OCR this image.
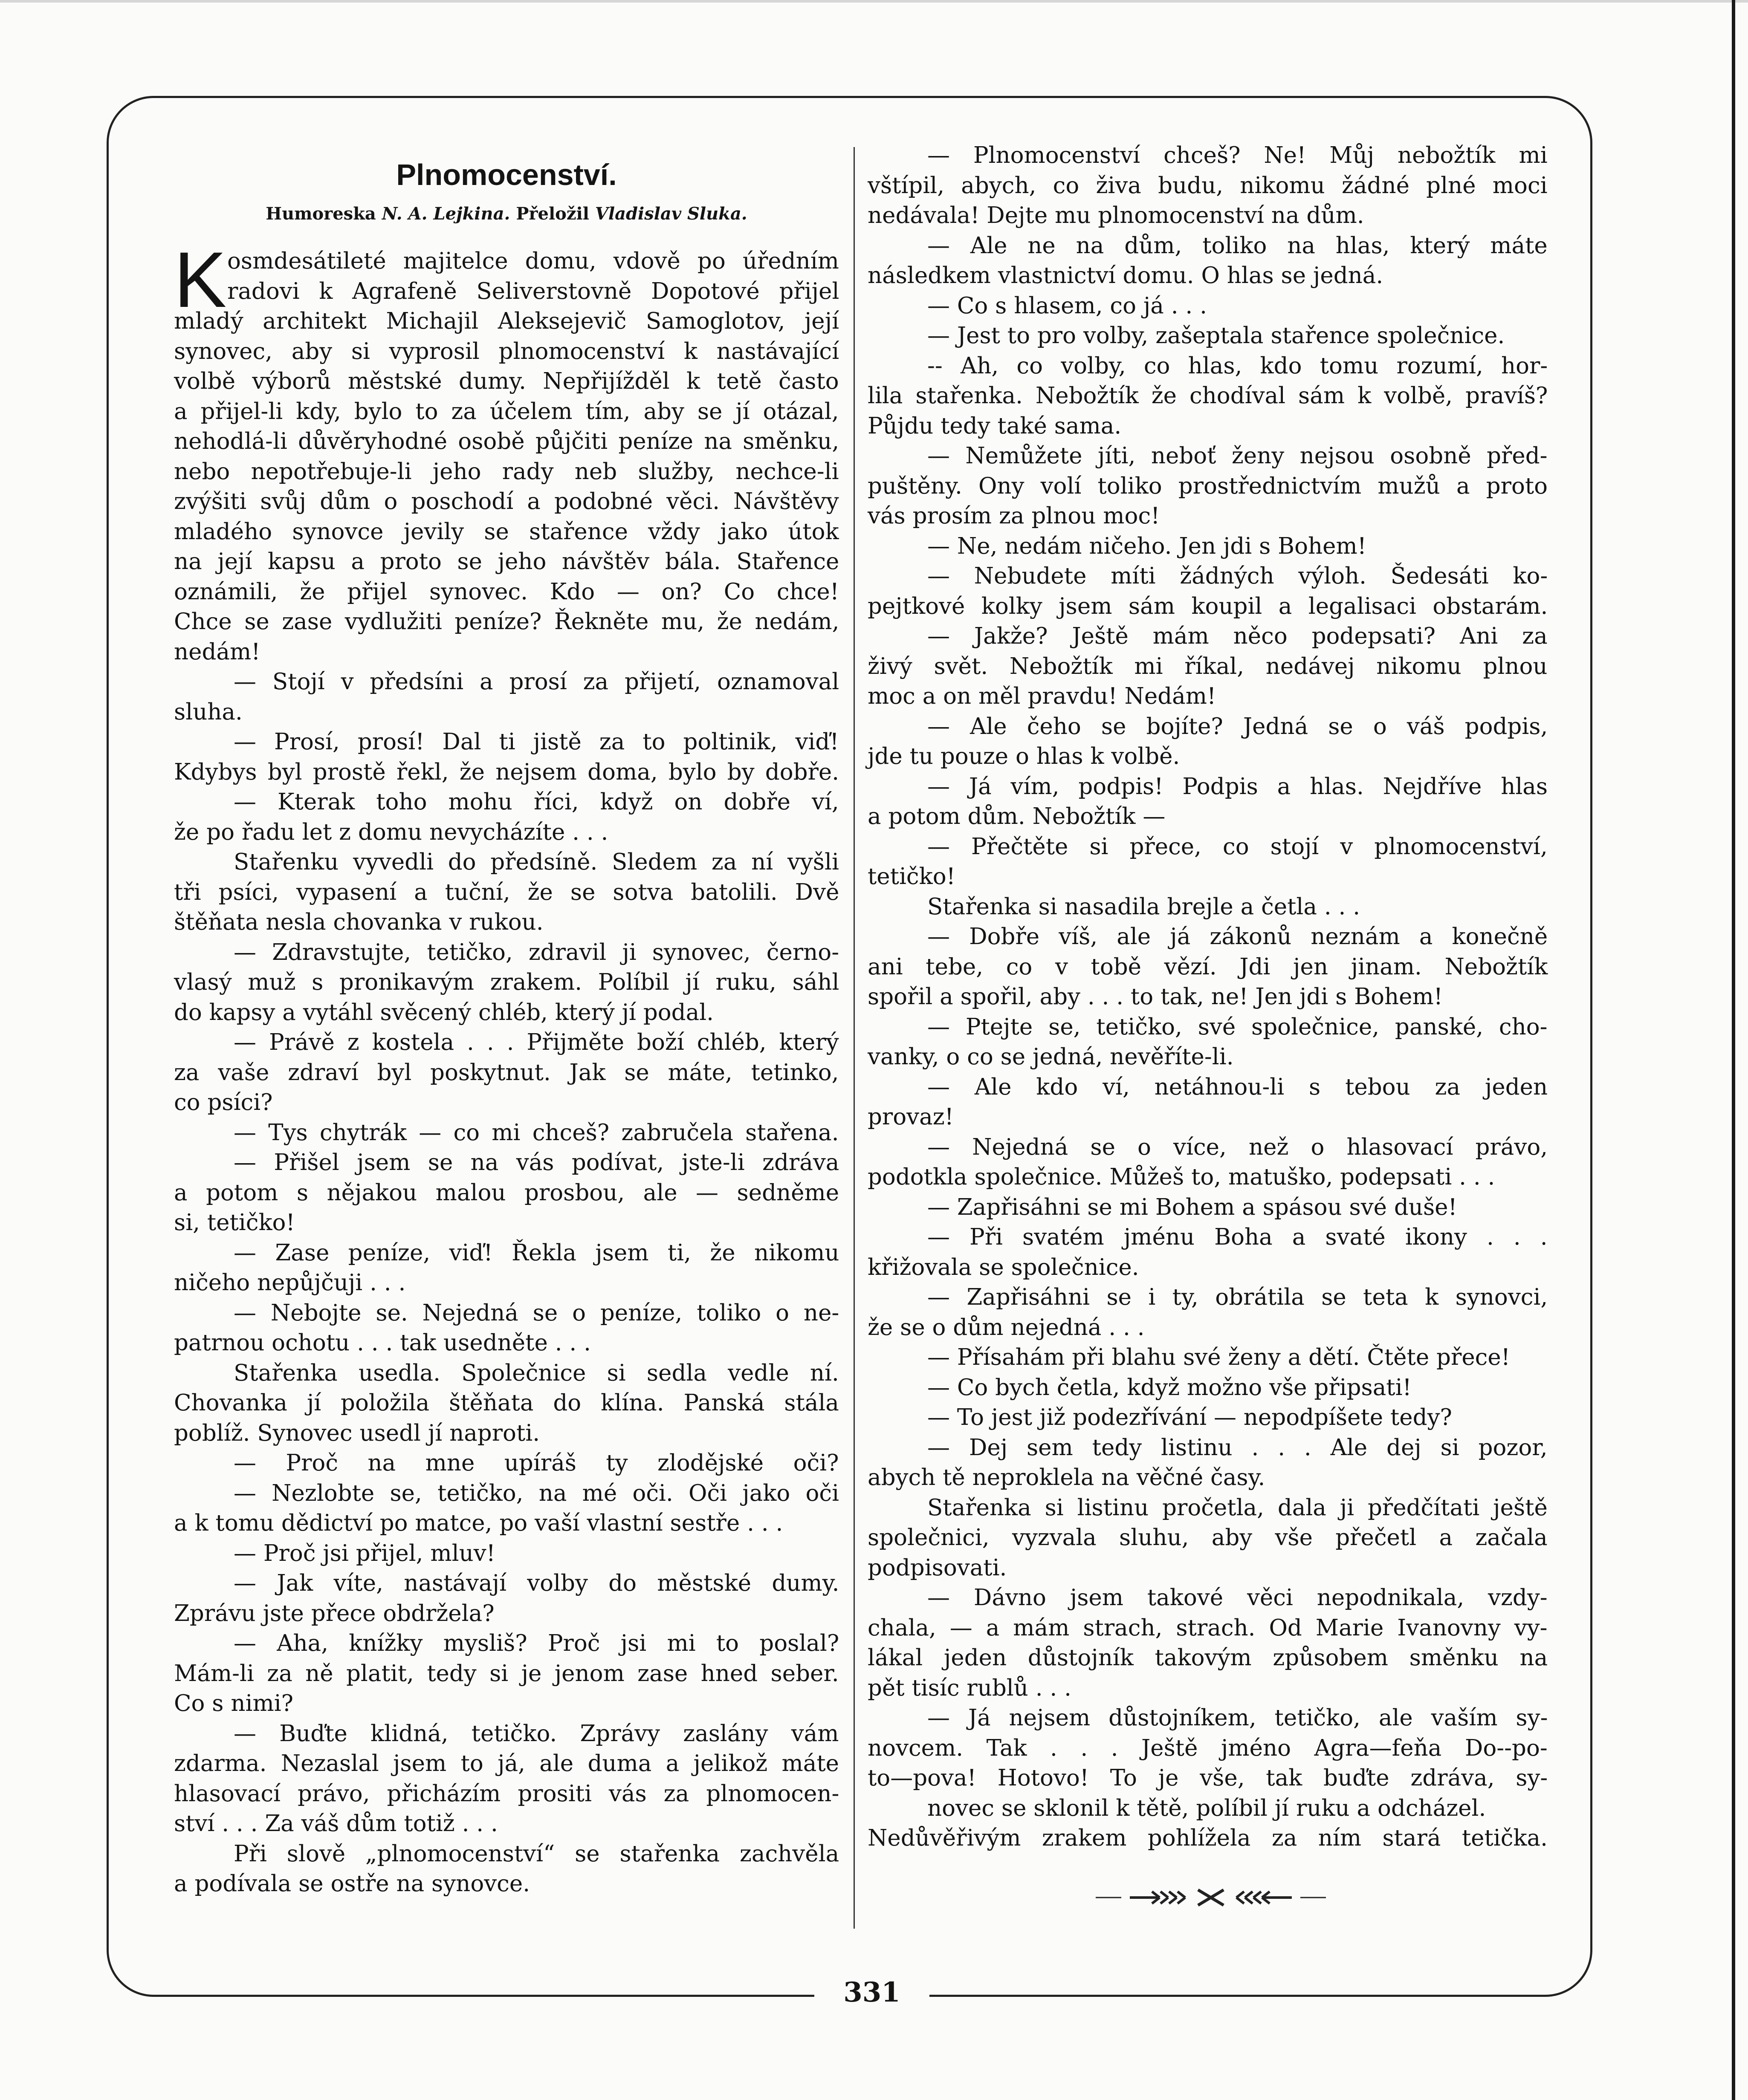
Plnomocenství.

Humoreska N. A. Lejkina. Přeložil Vladislav Sluka.

K osmdesátileté majitelce domu, vdově po úředním
radovi k Agrafeně Seliverstovně Dopotové přijel
mladý architekt Michajil Aleksejevič Samoglotov, její
synovec, aby si vyprosil plnomocenství k nastávající
volbě výborů městské dumy. Nepřijížděl k tetě často
a přijel-li kdy, bylo to za účelem tím, aby se jí otázal,
nehodlá-li důvěryhodné osobě půjčiti peníze na směnku,
nebo nepotřebuje-li jeho rady neb služby, nechce-li
zvýšiti svůj dům o poschodí a podobné věci. Návštěvy
mladého synovce jevily se stařence vždy jako útok
na její kapsu a proto se jeho návštěv bála. Stařence
oznámili, že přijel synovec. Kdo — on? Co chce!
Chce se zase vydlužiti peníze? Řekněte mu, že nedám,
nedám!
— Stojí v předsíni a prosí za přijetí, oznamoval
sluha.
— Prosí, prosí! Dal ti jistě za to poltinik, viď!
Kdybys byl prostě řekl, že nejsem doma, bylo by dobře.
— Kterak toho mohu říci, když on dobře ví,
že po řadu let z domu nevycházíte . . .
Stařenku vyvedli do předsíně. Sledem za ní vyšli
tři psíci, vypasení a tuční, že se sotva batolili. Dvě
štěňata nesla chovanka v rukou.
— Zdravstujte, tetičko, zdravil ji synovec, černo-
vlasý muž s pronikavým zrakem. Políbil jí ruku, sáhl
do kapsy a vytáhl svěcený chléb, který jí podal.
— Právě z kostela . . . Přijměte boží chléb, který
za vaše zdraví byl poskytnut. Jak se máte, tetinko,
co psíci?
— Tys chytrák — co mi chceš? zabručela stařena.
— Přišel jsem se na vás podívat, jste-li zdráva
a potom s nějakou malou prosbou, ale — sedněme
si, tetičko!
— Zase peníze, viď! Řekla jsem ti, že nikomu
ničeho nepůjčuji . . .
— Nebojte se. Nejedná se o peníze, toliko o ne-
patrnou ochotu . . . tak usedněte . . .
Stařenka usedla. Společnice si sedla vedle ní.
Chovanka jí položila štěňata do klína. Panská stála
poblíž. Synovec usedl jí naproti.
— Proč na mne upíráš ty zlodějské oči?
— Nezlobte se, tetičko, na mé oči. Oči jako oči
a k tomu dědictví po matce, po vaší vlastní sestře . . .
— Proč jsi přijel, mluv!
— Jak víte, nastávají volby do městské dumy.
Zprávu jste přece obdržela?
— Aha, knížky mysliš? Proč jsi mi to poslal?
Mám-li za ně platit, tedy si je jenom zase hned seber.
Co s nimi?
— Buďte klidná, tetičko. Zprávy zaslány vám
zdarma. Nezaslal jsem to já, ale duma a jelikož máte
hlasovací právo, přicházím prositi vás za plnomocen-
ství . . . Za váš dům totiž . . .
Při slově „plnomocenství“ se stařenka zachvěla
a podívala se ostře na synovce.
— Plnomocenství chceš? Ne! Můj nebožtík mi
vštípil, abych, co živa budu, nikomu žádné plné moci
nedávala! Dejte mu plnomocenství na dům.
— Ale ne na dům, toliko na hlas, který máte
následkem vlastnictví domu. O hlas se jedná.
— Co s hlasem, co já . . .
— Jest to pro volby, zašeptala stařence společnice.
-- Ah, co volby, co hlas, kdo tomu rozumí, hor-
lila stařenka. Nebožtík že chodíval sám k volbě, pravíš?
Půjdu tedy také sama.
— Nemůžete jíti, neboť ženy nejsou osobně před-
puštěny. Ony volí toliko prostřednictvím mužů a proto
vás prosím za plnou moc!
— Ne, nedám ničeho. Jen jdi s Bohem!
— Nebudete míti žádných výloh. Šedesáti ko-
pejtkové kolky jsem sám koupil a legalisaci obstarám.
— Jakže? Ještě mám něco podepsati? Ani za
živý svět. Nebožtík mi říkal, nedávej nikomu plnou
moc a on měl pravdu! Nedám!
— Ale čeho se bojíte? Jedná se o váš podpis,
jde tu pouze o hlas k volbě.
— Já vím, podpis! Podpis a hlas. Nejdříve hlas
a potom dům. Nebožtík —
— Přečtěte si přece, co stojí v plnomocenství,
tetičko!
Stařenka si nasadila brejle a četla . . .
— Dobře víš, ale já zákonů neznám a konečně
ani tebe, co v tobě vězí. Jdi jen jinam. Nebožtík
spořil a spořil, aby . . . to tak, ne! Jen jdi s Bohem!
— Ptejte se, tetičko, své společnice, panské, cho-
vanky, o co se jedná, nevěříte-li.
— Ale kdo ví, netáhnou-li s tebou za jeden
provaz!
— Nejedná se o více, než o hlasovací právo,
podotkla společnice. Můžeš to, matuško, podepsati . . .
— Zapřisáhni se mi Bohem a spásou své duše!
— Při svatém jménu Boha a svaté ikony . . .
křižovala se společnice.
— Zapřisáhni se i ty, obrátila se teta k synovci,
že se o dům nejedná . . .
— Přísahám při blahu své ženy a dětí. Čtěte přece!
— Co bych četla, když možno vše připsati!
— To jest již podezřívání — nepodpíšete tedy?
— Dej sem tedy listinu . . . Ale dej si pozor,
abych tě neproklela na věčné časy.
Stařenka si listinu pročetla, dala ji předčítati ještě
společnici, vyzvala sluhu, aby vše přečetl a začala
podpisovati.
— Dávno jsem takové věci nepodnikala, vzdy-
chala, — a mám strach, strach. Od Marie Ivanovny vy-
lákal jeden důstojník takovým způsobem směnku na
pět tisíc rublů . . .
— Já nejsem důstojníkem, tetičko, ale vaším sy-
novcem. Tak . . . Ještě jméno Agra—feňa Do--po-
to—pova! Hotovo! To je vše, tak buďte zdráva, sy-
novec se sklonil k tětě, políbil jí ruku a odcházel.
Nedůvěřivým zrakem pohlížela za ním stará tetička.
331
